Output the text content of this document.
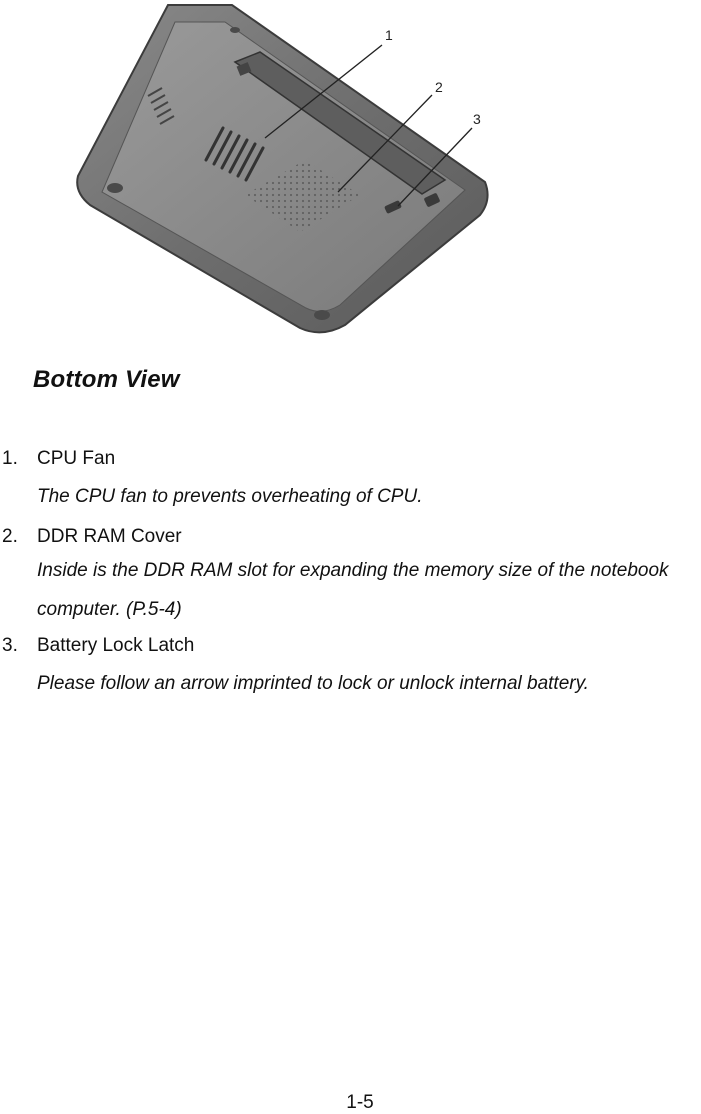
1
2
3
Bottom View
1. CPU Fan
The CPU fan to prevents overheating of CPU.
2. DDR RAM Cover
Inside is the DDR RAM slot for expanding the memory size of the notebook computer. (P.5-4)
3. Battery Lock Latch
Please follow an arrow imprinted to lock or unlock internal battery.
1-5
